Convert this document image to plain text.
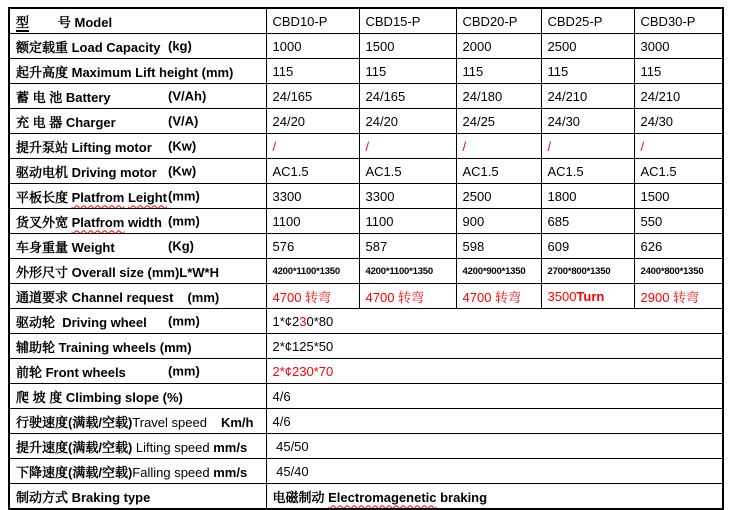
型        号 Model	CBD10-P	CBD15-P	CBD20-P	CBD25-P	CBD30-P
额定载重 Load Capacity (kg)	1000	1500	2000	2500	3000
起升高度 Maximum Lift height (mm)	115	115	115	115	115
蓄 电 池 Battery (V/Ah)	24/165	24/165	24/180	24/210	24/210
充 电 器 Charger (V/A)	24/20	24/20	24/25	24/30	24/30
提升泵站 Lifting motor (Kw)	/	/	/	/	/
驱动电机 Driving motor (Kw)	AC1.5	AC1.5	AC1.5	AC1.5	AC1.5
平板长度 Platfrom Leight (mm)	3300	3300	2500	1800	1500
货叉外宽 Platfrom width (mm)	1100	1100	900	685	550
车身重量 Weight (Kg)	576	587	598	609	626
外形尺寸 Overall size (mm)L*W*H	4200*1100*1350	4200*1100*1350	4200*900*1350	2700*800*1350	2400*800*1350
通道要求 Channel request (mm)	4700 转弯	4700 转弯	4700 转弯	3500Turn	2900 转弯
驱动轮  Driving wheel (mm)	1*¢230*80				
辅助轮 Training wheels (mm)	2*¢125*50				
前轮 Front wheels (mm)	2*¢230*70				
爬 坡 度 Climbing slope (%)	4/6				
行驶速度(满载/空载)Travel speed Km/h	4/6				
提升速度(满载/空载) Lifting speed mm/s	45/50				
下降速度(满载/空载)Falling speed mm/s	45/40				
制动方式 Braking type	电磁制动 Electromagenetic braking				
